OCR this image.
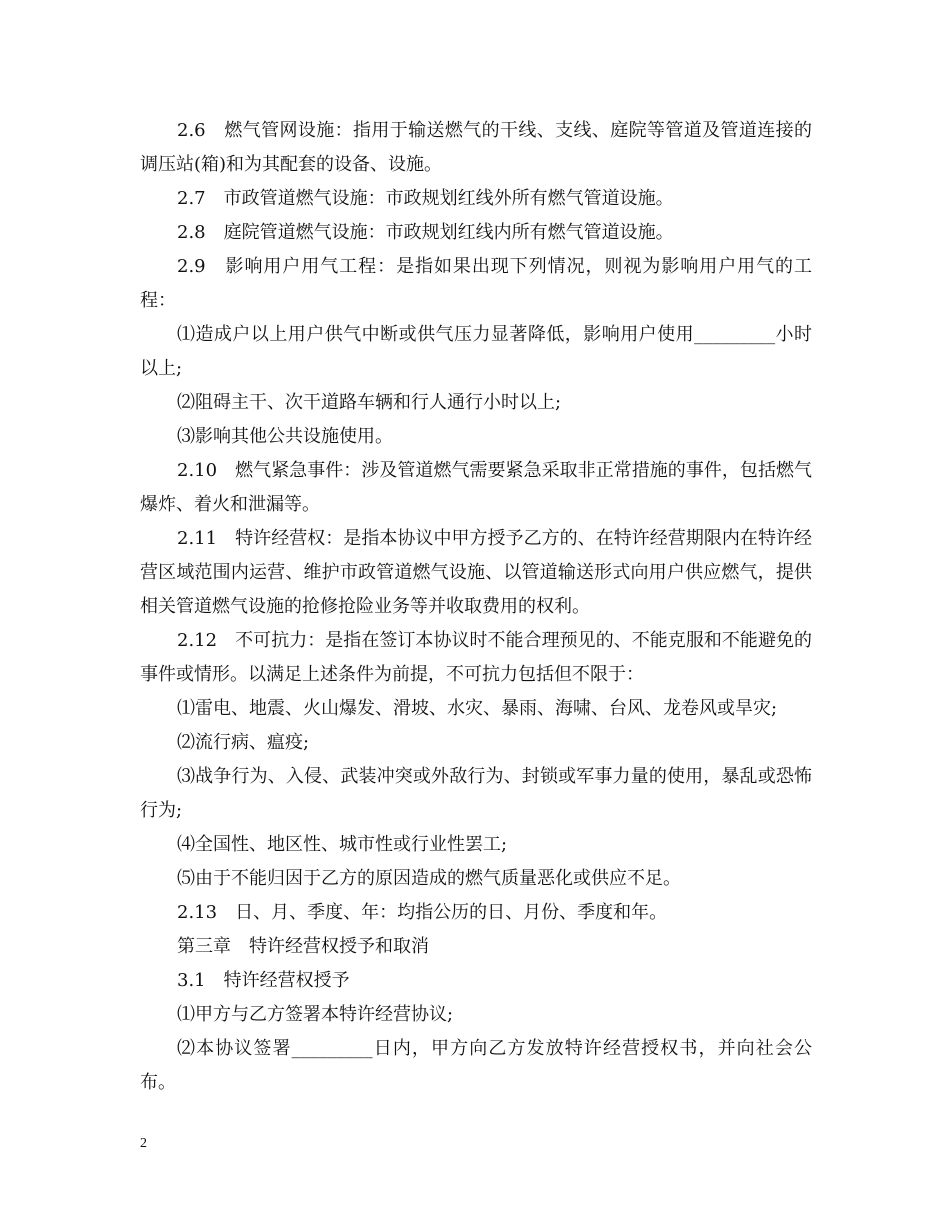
2.6　燃气管网设施：指用于输送燃气的干线、支线、庭院等管道及管道连接的调压站(箱)和为其配套的设备、设施。

2.7　市政管道燃气设施：市政规划红线外所有燃气管道设施。

2.8　庭院管道燃气设施：市政规划红线内所有燃气管道设施。

2.9　影响用户用气工程：是指如果出现下列情况，则视为影响用户用气的工程：

⑴造成户以上用户供气中断或供气压力显著降低，影响用户使用_________小时以上;

⑵阻碍主干、次干道路车辆和行人通行小时以上;

⑶影响其他公共设施使用。

2.10　燃气紧急事件：涉及管道燃气需要紧急采取非正常措施的事件，包括燃气爆炸、着火和泄漏等。

2.11　特许经营权：是指本协议中甲方授予乙方的、在特许经营期限内在特许经营区域范围内运营、维护市政管道燃气设施、以管道输送形式向用户供应燃气，提供相关管道燃气设施的抢修抢险业务等并收取费用的权利。

2.12　不可抗力：是指在签订本协议时不能合理预见的、不能克服和不能避免的事件或情形。以满足上述条件为前提，不可抗力包括但不限于：

⑴雷电、地震、火山爆发、滑坡、水灾、暴雨、海啸、台风、龙卷风或旱灾;

⑵流行病、瘟疫;

⑶战争行为、入侵、武装冲突或外敌行为、封锁或军事力量的使用，暴乱或恐怖行为;

⑷全国性、地区性、城市性或行业性罢工;

⑸由于不能归因于乙方的原因造成的燃气质量恶化或供应不足。

2.13　日、月、季度、年：均指公历的日、月份、季度和年。

第三章　特许经营权授予和取消

3.1　特许经营权授予

⑴甲方与乙方签署本特许经营协议;

⑵本协议签署_________日内，甲方向乙方发放特许经营授权书，并向社会公布。

2
